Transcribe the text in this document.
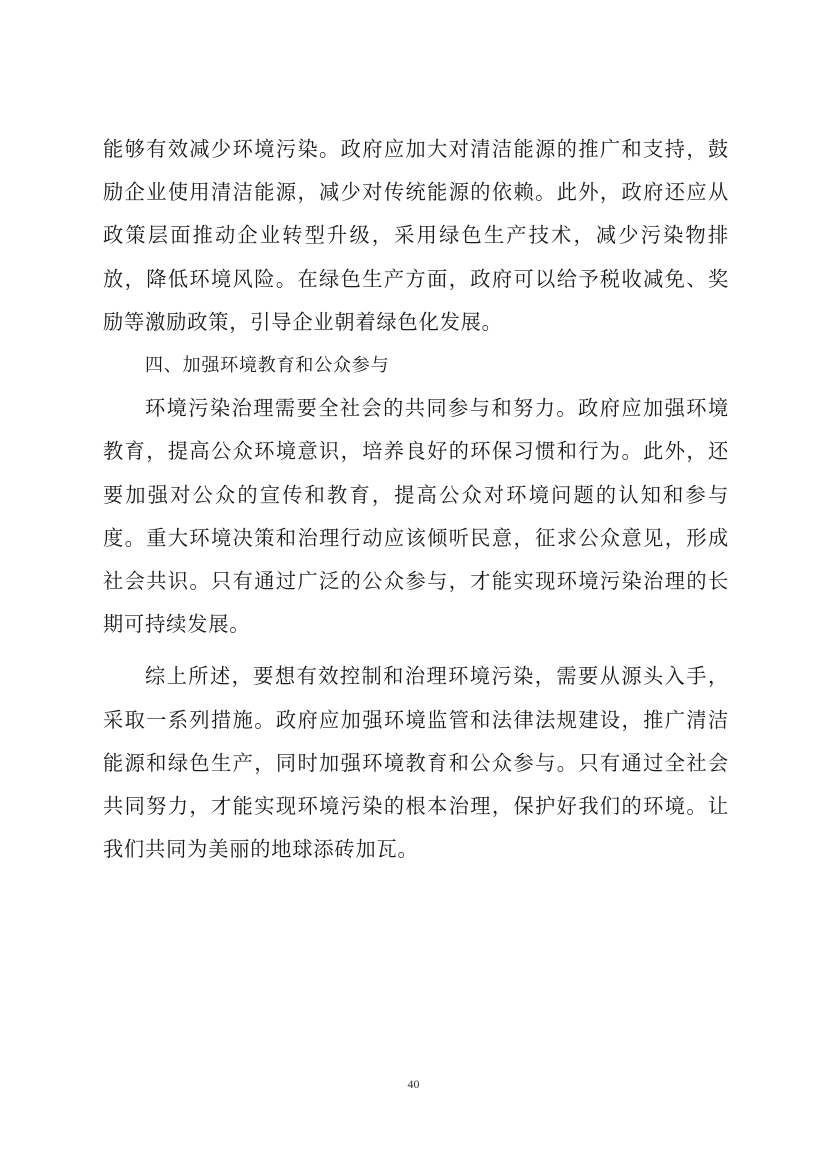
能够有效减少环境污染。政府应加大对清洁能源的推广和支持，鼓励企业使用清洁能源，减少对传统能源的依赖。此外，政府还应从政策层面推动企业转型升级，采用绿色生产技术，减少污染物排放，降低环境风险。在绿色生产方面，政府可以给予税收减免、奖励等激励政策，引导企业朝着绿色化发展。

四、加强环境教育和公众参与

环境污染治理需要全社会的共同参与和努力。政府应加强环境教育，提高公众环境意识，培养良好的环保习惯和行为。此外，还要加强对公众的宣传和教育，提高公众对环境问题的认知和参与度。重大环境决策和治理行动应该倾听民意，征求公众意见，形成社会共识。只有通过广泛的公众参与，才能实现环境污染治理的长期可持续发展。

综上所述，要想有效控制和治理环境污染，需要从源头入手，采取一系列措施。政府应加强环境监管和法律法规建设，推广清洁能源和绿色生产，同时加强环境教育和公众参与。只有通过全社会共同努力，才能实现环境污染的根本治理，保护好我们的环境。让我们共同为美丽的地球添砖加瓦。

40
